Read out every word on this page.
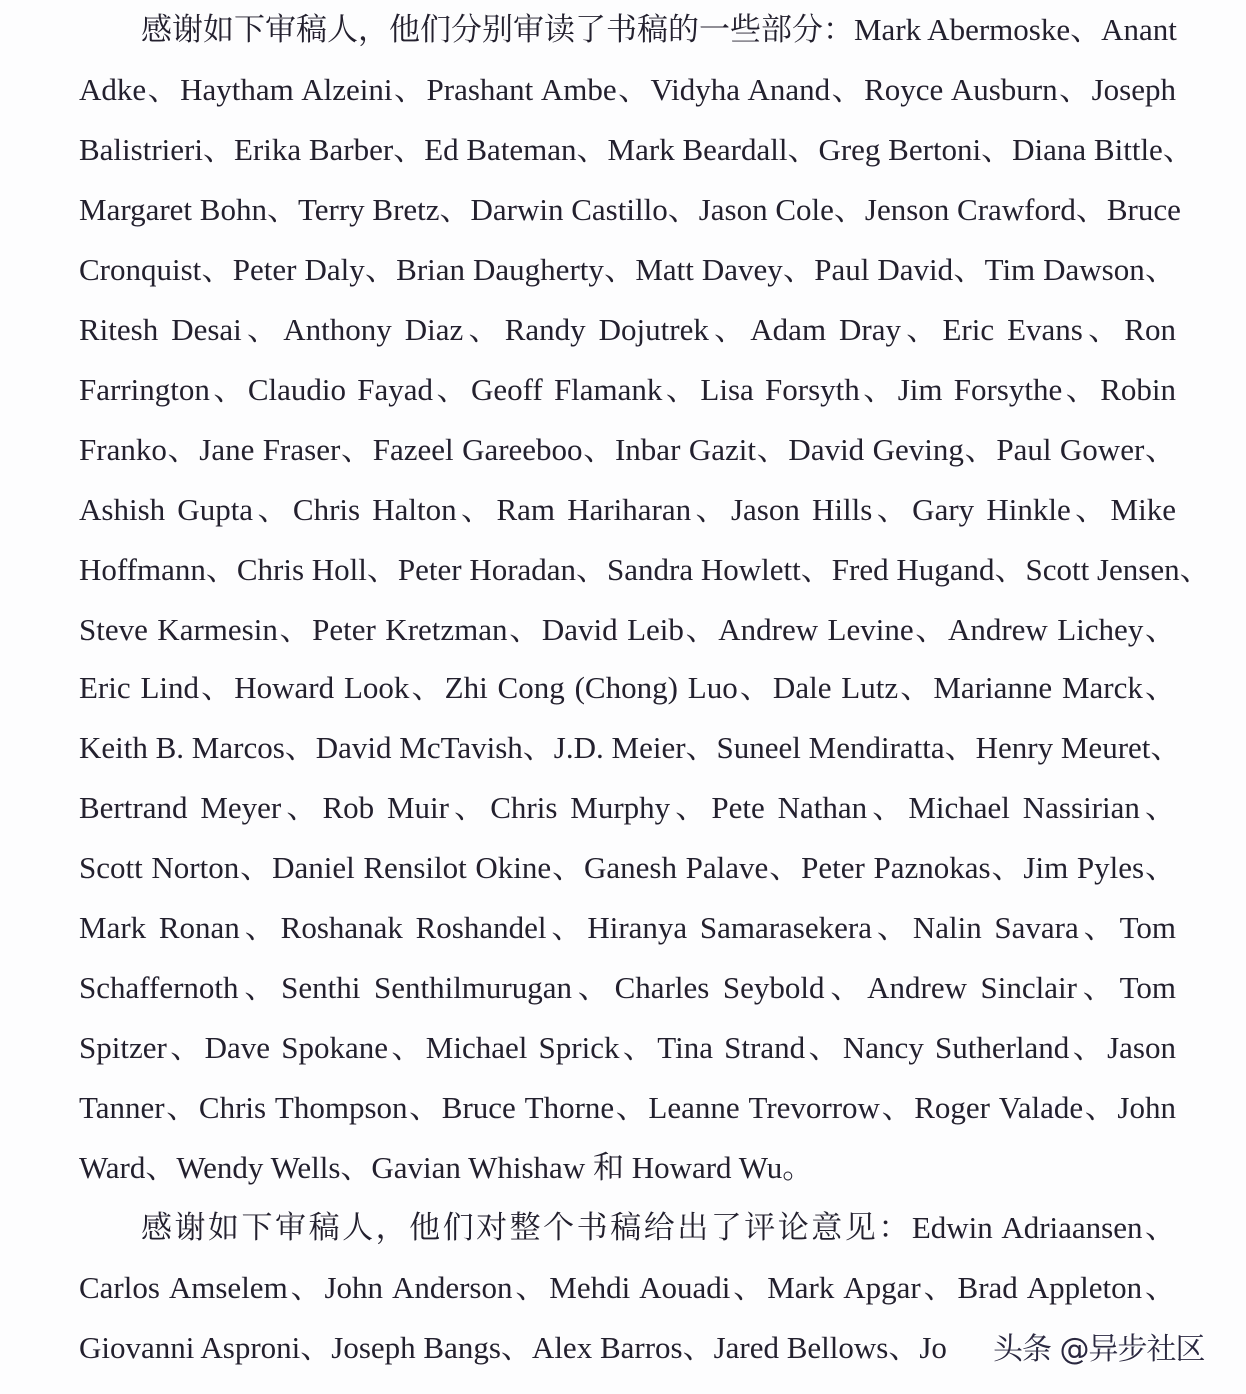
感谢如下审稿人，他们分别审读了书稿的一些部分：Mark Abermoske、Anant
Adke、Haytham Alzeini、Prashant Ambe、Vidyha Anand、Royce Ausburn、Joseph
Balistrieri、Erika Barber、Ed Bateman、Mark Beardall、Greg Bertoni、Diana Bittle、
Margaret Bohn、Terry Bretz、Darwin Castillo、Jason Cole、Jenson Crawford、Bruce
Cronquist、Peter Daly、Brian Daugherty、Matt Davey、Paul David、Tim Dawson、
Ritesh Desai、Anthony Diaz、Randy Dojutrek、Adam Dray、Eric Evans、Ron
Farrington、Claudio Fayad、Geoff Flamank、Lisa Forsyth、Jim Forsythe、Robin
Franko、Jane Fraser、Fazeel Gareeboo、Inbar Gazit、David Geving、Paul Gower、
Ashish Gupta、Chris Halton、Ram Hariharan、Jason Hills、Gary Hinkle、Mike
Hoffmann、Chris Holl、Peter Horadan、Sandra Howlett、Fred Hugand、Scott Jensen、
Steve Karmesin、Peter Kretzman、David Leib、Andrew Levine、Andrew Lichey、
Eric Lind、Howard Look、Zhi Cong (Chong) Luo、Dale Lutz、Marianne Marck、
Keith B. Marcos、David McTavish、J.D. Meier、Suneel Mendiratta、Henry Meuret、
Bertrand Meyer、Rob Muir、Chris Murphy、Pete Nathan、Michael Nassirian、
Scott Norton、Daniel Rensilot Okine、Ganesh Palave、Peter Paznokas、Jim Pyles、
Mark Ronan、Roshanak Roshandel、Hiranya Samarasekera、Nalin Savara、Tom
Schaffernoth、Senthi Senthilmurugan、Charles Seybold、Andrew Sinclair、Tom
Spitzer、Dave Spokane、Michael Sprick、Tina Strand、Nancy Sutherland、Jason
Tanner、Chris Thompson、Bruce Thorne、Leanne Trevorrow、Roger Valade、John
Ward、Wendy Wells、Gavian Whishaw 和 Howard Wu。
感谢如下审稿人，他们对整个书稿给出了评论意见：Edwin Adriaansen、
Carlos Amselem、John Anderson、Mehdi Aouadi、Mark Apgar、Brad Appleton、
Giovanni Asproni、Joseph Bangs、Alex Barros、Jared Bellows、Jo	头条 @异步社区
